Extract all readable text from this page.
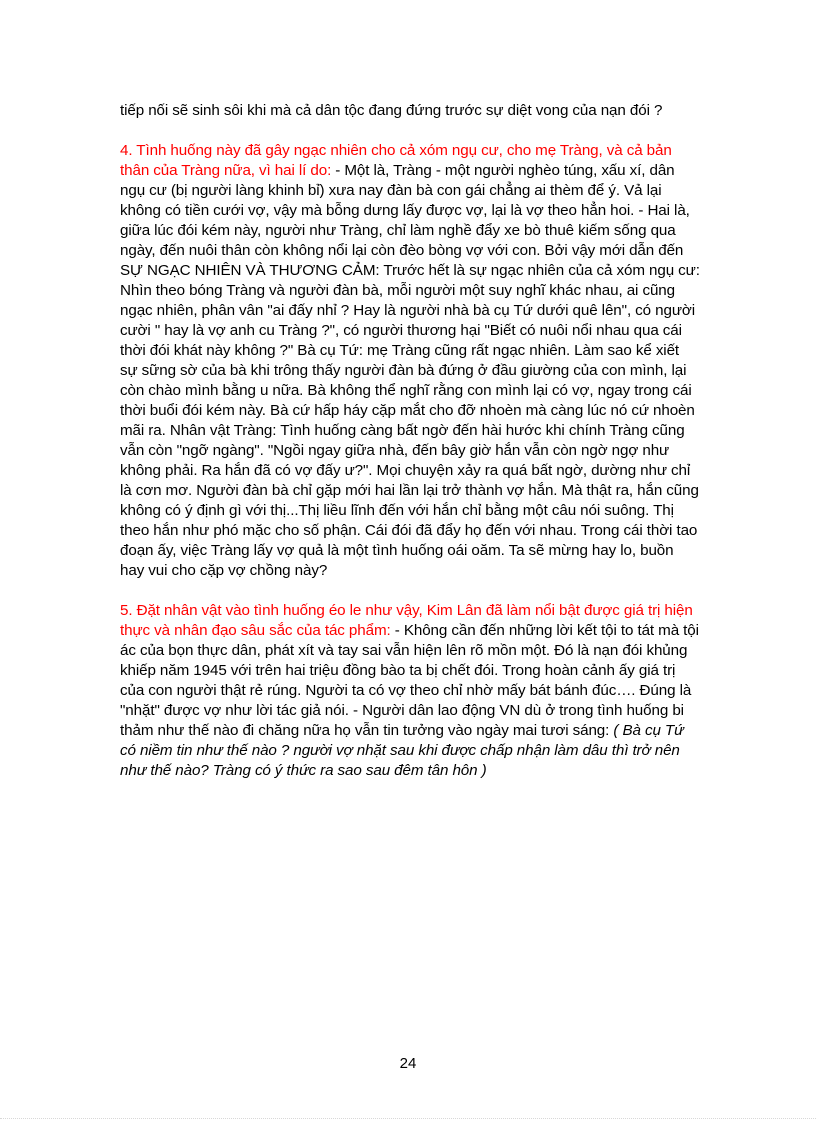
tiếp nối sẽ sinh sôi khi mà cả dân tộc đang đứng trước sự diệt vong của nạn đói ?

4. Tình huống này đã gây ngạc nhiên cho cả xóm ngụ cư, cho mẹ Tràng, và cả bản thân của Tràng nữa, vì hai lí do: - Một là, Tràng - một người nghèo túng, xấu xí, dân ngụ cư (bị người làng khinh bỉ) xưa nay đàn bà con gái chẳng ai thèm để ý. Vả lại không có tiền cưới vợ, vậy mà bỗng dưng lấy được vợ, lại là vợ theo hẳn hoi. - Hai là, giữa lúc đói kém này, người như Tràng, chỉ làm nghề đẩy xe bò thuê kiếm sống qua ngày, đến nuôi thân còn không nổi lại còn đèo bòng vợ với con. Bởi vậy mới dẫn đến SỰ NGẠC NHIÊN VÀ THƯƠNG CẢM: Trước hết là sự ngạc nhiên của cả xóm ngụ cư: Nhìn theo bóng Tràng và người đàn bà, mỗi người một suy nghĩ khác nhau, ai cũng ngạc nhiên, phân vân "ai đấy nhỉ ? Hay là người nhà bà cụ Tứ dưới quê lên", có người cười " hay là vợ anh cu Tràng ?", có người thương hại "Biết có nuôi nổi nhau qua cái thời đói khát này không ?" Bà cụ Tứ: mẹ Tràng cũng rất ngạc nhiên. Làm sao kể xiết sự sững sờ của bà khi trông thấy người đàn bà đứng ở đầu giường của con mình, lại còn chào mình bằng u nữa. Bà không thể nghĩ rằng con mình lại có vợ, ngay trong cái thời buổi đói kém này. Bà cứ hấp háy cặp mắt cho đỡ nhoèn mà càng lúc nó cứ nhoèn mãi ra. Nhân vật Tràng: Tình huống càng bất ngờ đến hài hước khi chính Tràng cũng vẫn còn "ngỡ ngàng". "Ngồi ngay giữa nhà, đến bây giờ hắn vẫn còn ngờ ngợ như không phải. Ra hắn đã có vợ đấy ư?". Mọi chuyện xảy ra quá bất ngờ, dường như chỉ là cơn mơ. Người đàn bà chỉ gặp mới hai lần lại trở thành vợ hắn. Mà thật ra, hắn cũng không có ý định gì với thị...Thị liều lĩnh đến với hắn chỉ bằng một câu nói suông. Thị theo hắn như phó mặc cho số phận. Cái đói đã đẩy họ đến với nhau. Trong cái thời tao đoạn ấy, việc Tràng lấy vợ quả là một tình huống oái oăm. Ta sẽ mừng hay lo, buồn hay vui cho cặp vợ chồng này?

5. Đặt nhân vật vào tình huống éo le như vậy, Kim Lân đã làm nổi bật được giá trị hiện thực và nhân đạo sâu sắc của tác phẩm: - Không cần đến những lời kết tội to tát mà tội ác của bọn thực dân, phát xít và tay sai vẫn hiện lên rõ mồn một. Đó là nạn đói khủng khiếp năm 1945 với trên hai triệu đồng bào ta bị chết đói. Trong hoàn cảnh ấy giá trị của con người thật rẻ rúng. Người ta có vợ theo chỉ nhờ mấy bát bánh đúc…. Đúng là "nhặt" được vợ như lời tác giả nói. - Người dân lao động VN dù ở trong tình huống bi thảm như thế nào đi chăng nữa họ vẫn tin tưởng vào ngày mai tươi sáng: ( Bà cụ Tứ có niềm tin như thế nào ? người vợ nhặt sau khi được chấp nhận làm dâu thì trở nên như thế nào? Tràng có ý thức ra sao sau đêm tân hôn )

24
